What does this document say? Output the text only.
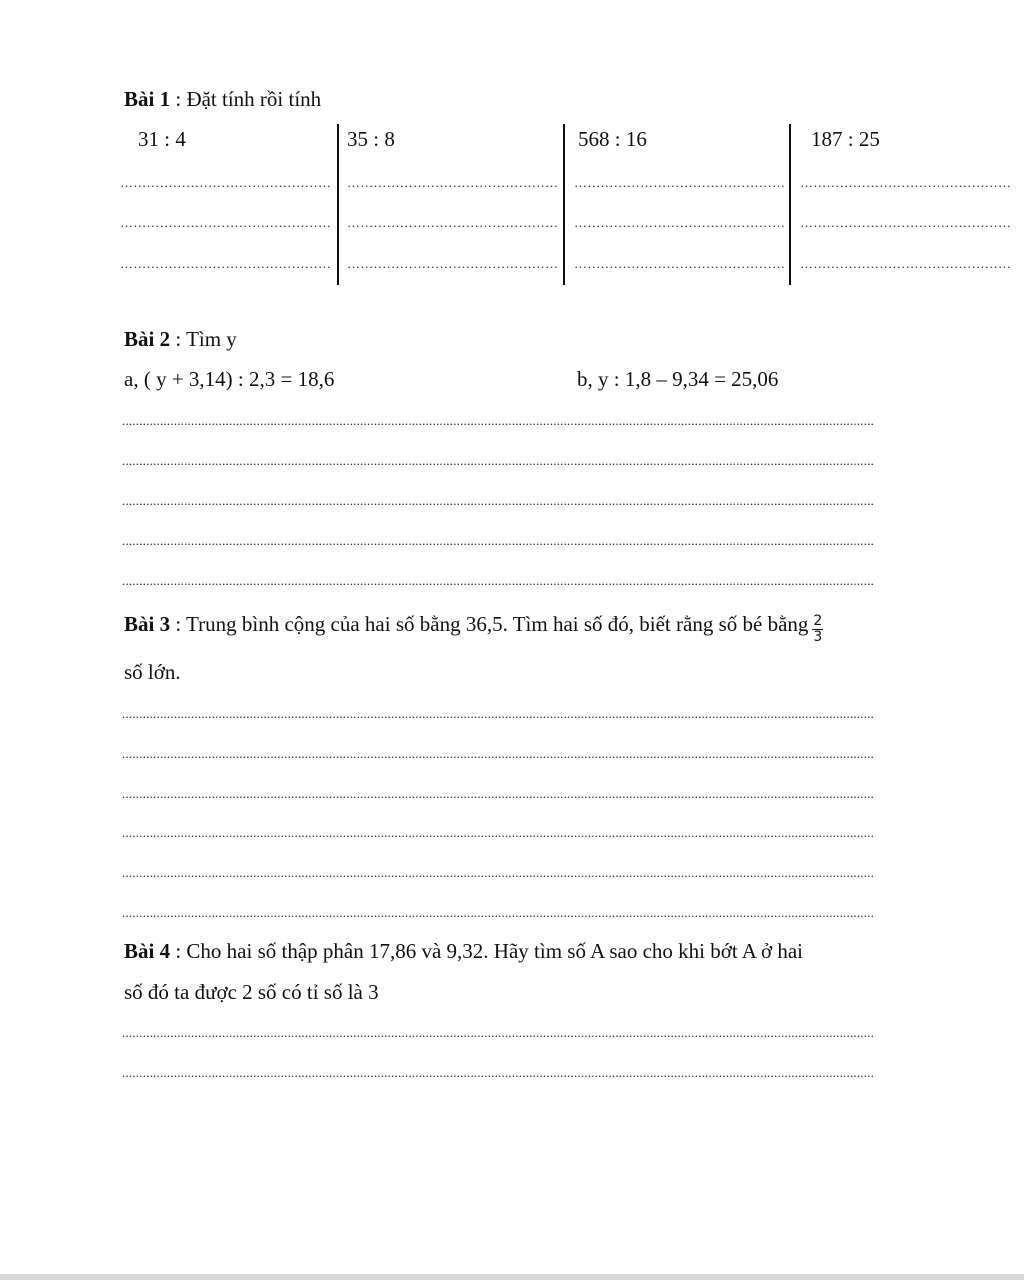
Bài 1 : Đặt tính rồi tính
31 : 4	35 : 8	568 : 16	187 : 25
………………………………………… ………………………………………… ………………………………………… …………………………………………
………………………………………… ………………………………………… ………………………………………… …………………………………………
………………………………………… ………………………………………… ………………………………………… …………………………………………
Bài 2 : Tìm y
a, ( y + 3,14) : 2,3 = 18,6	b, y : 1,8 – 9,34 = 25,06
..........................................................................................................................................................................................................................
..........................................................................................................................................................................................................................
..........................................................................................................................................................................................................................
..........................................................................................................................................................................................................................
..........................................................................................................................................................................................................................
Bài 3 : Trung bình cộng của hai số bằng 36,5. Tìm hai số đó, biết rằng số bé bằng $\frac{2}{3}$
số lớn.
..........................................................................................................................................................................................................................
..........................................................................................................................................................................................................................
..........................................................................................................................................................................................................................
..........................................................................................................................................................................................................................
..........................................................................................................................................................................................................................
..........................................................................................................................................................................................................................
Bài 4 : Cho hai số thập phân 17,86 và 9,32. Hãy tìm số A sao cho khi bớt A ở hai
số đó ta được 2 số có tỉ số là 3
..........................................................................................................................................................................................................................
..........................................................................................................................................................................................................................
